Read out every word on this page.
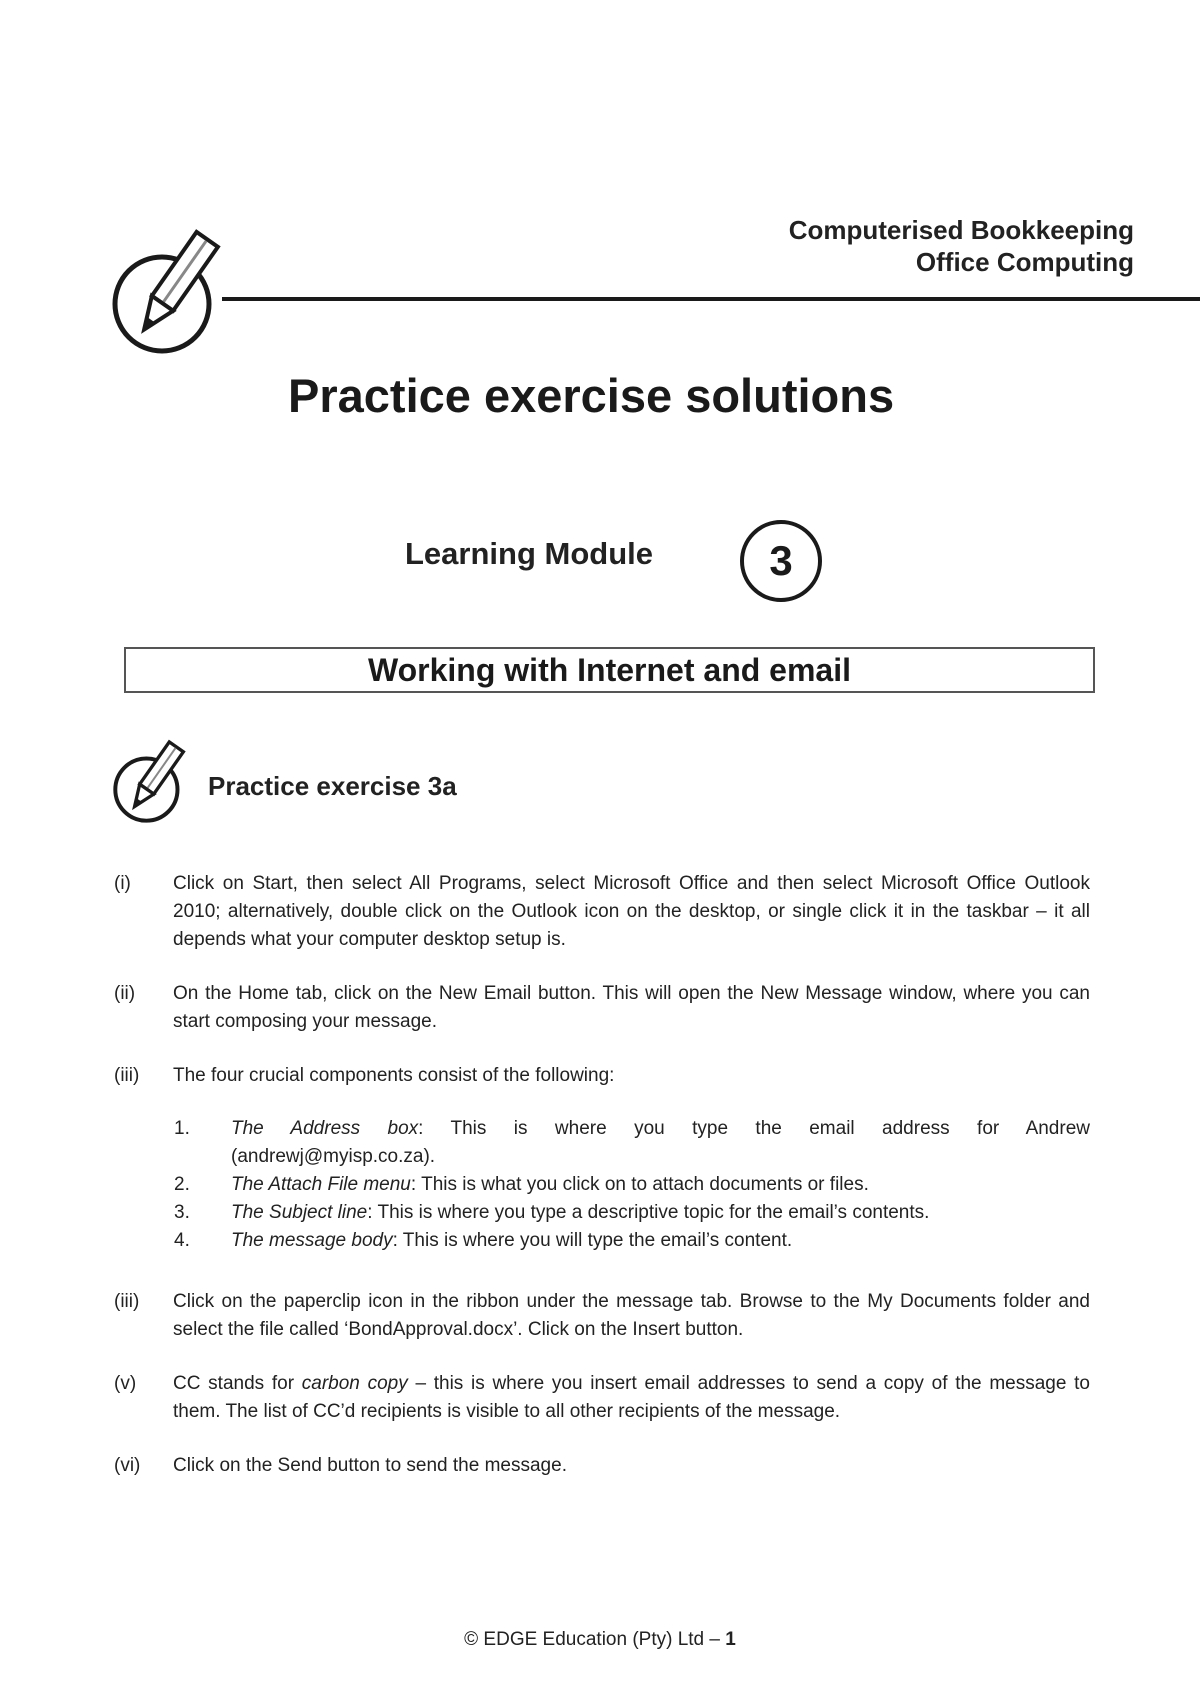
Computerised Bookkeeping
Office Computing
Practice exercise solutions
Learning Module	3
Working with Internet and email
Practice exercise 3a
(i)	Click on Start, then select All Programs, select Microsoft Office and then select Microsoft Office Outlook 2010; alternatively, double click on the Outlook icon on the desktop, or single click it in the taskbar – it all depends what your computer desktop setup is.
(ii)	On the Home tab, click on the New Email button. This will open the New Message window, where you can start composing your message.
(iii)	The four crucial components consist of the following:
1.	The Address box: This is where you type the email address for Andrew
(andrewj@myisp.co.za).
2.	The Attach File menu: This is what you click on to attach documents or files.
3.	The Subject line: This is where you type a descriptive topic for the email’s contents.
4.	The message body: This is where you will type the email’s content.
(iii)	Click on the paperclip icon in the ribbon under the message tab. Browse to the My Documents folder and select the file called ‘BondApproval.docx’. Click on the Insert button.
(v)	CC stands for carbon copy – this is where you insert email addresses to send a copy of the message to them. The list of CC’d recipients is visible to all other recipients of the message.
(vi)	Click on the Send button to send the message.
© EDGE Education (Pty) Ltd – 1
